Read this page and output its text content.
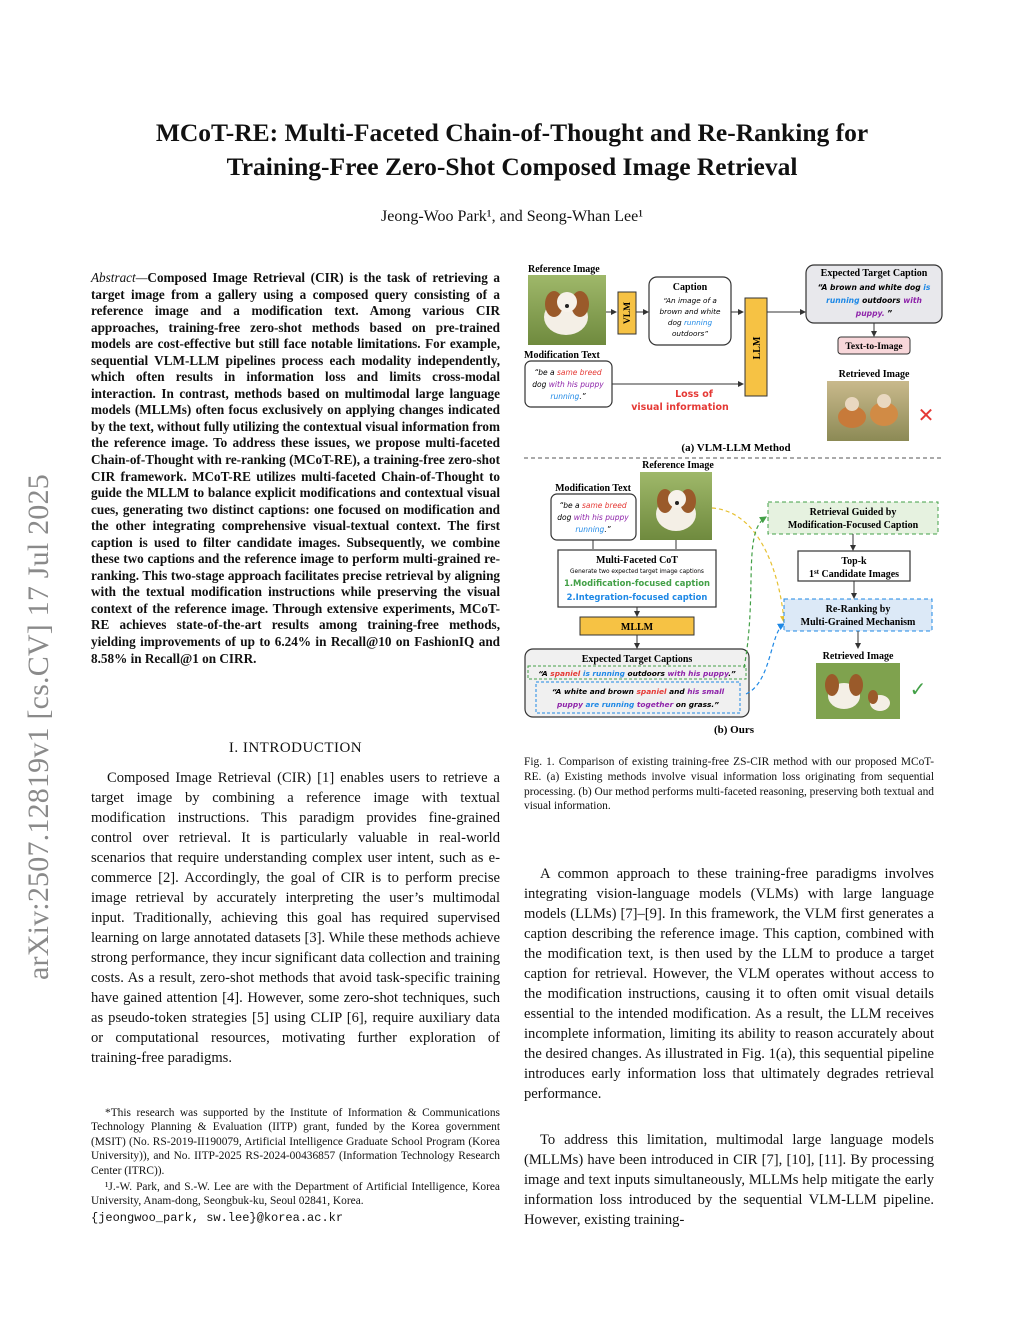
arXiv:2507.12819v1 [cs.CV] 17 Jul 2025
MCoT-RE: Multi-Faceted Chain-of-Thought and Re-Ranking for
Training-Free Zero-Shot Composed Image Retrieval
Jeong-Woo Park¹, and Seong-Whan Lee¹
Abstract—Composed Image Retrieval (CIR) is the task of retrieving a target image from a gallery using a composed query consisting of a reference image and a modification text. Among various CIR approaches, training-free zero-shot methods based on pre-trained models are cost-effective but still face notable limitations. For example, sequential VLM-LLM pipelines process each modality independently, which often results in information loss and limits cross-modal interaction. In contrast, methods based on multimodal large language models (MLLMs) often focus exclusively on applying changes indicated by the text, without fully utilizing the contextual visual information from the reference image. To address these issues, we propose multi-faceted Chain-of-Thought with re-ranking (MCoT-RE), a training-free zero-shot CIR framework. MCoT-RE utilizes multi-faceted Chain-of-Thought to guide the MLLM to balance explicit modifications and contextual visual cues, generating two distinct captions: one focused on modification and the other integrating comprehensive visual-textual context. The first caption is used to filter candidate images. Subsequently, we combine these two captions and the reference image to perform multi-grained re-ranking. This two-stage approach facilitates precise retrieval by aligning with the textual modification instructions while preserving the visual context of the reference image. Through extensive experiments, MCoT-RE achieves state-of-the-art results among training-free methods, yielding improvements of up to 6.24% in Recall@10 on FashionIQ and 8.58% in Recall@1 on CIRR.
I. INTRODUCTION

Composed Image Retrieval (CIR) [1] enables users to retrieve a target image by combining a reference image with textual modification instructions. This paradigm provides fine-grained control over retrieval. It is particularly valuable in real-world scenarios that require understanding complex user intent, such as e-commerce [2]. Accordingly, the goal of CIR is to perform precise image retrieval by accurately interpreting the user’s multimodal input. Traditionally, achieving this goal has required supervised learning on large annotated datasets [3]. While these methods achieve strong performance, they incur significant data collection and training costs. As a result, zero-shot methods that avoid task-specific training have gained attention [4]. However, some zero-shot techniques, such as pseudo-token strategies [5] using CLIP [6], require auxiliary data or computational resources, motivating further exploration of training-free paradigms.

*This research was supported by the Institute of Information & Communications Technology Planning & Evaluation (IITP) grant, funded by the Korea government (MSIT) (No. RS-2019-II190079, Artificial Intelligence Graduate School Program (Korea University)), and No. IITP-2025 RS-2024-00436857 (Information Technology Research Center (ITRC)).

¹J.-W. Park, and S.-W. Lee are with the Department of Artificial Intelligence, Korea University, Anam-dong, Seongbuk-ku, Seoul 02841, Korea.

{jeongwoo_park, sw.lee}@korea.ac.kr
Reference Image
Modification Text
“be a same breed
dog with his puppy
running.”
VLM
Caption
“An image of a
brown and white
dog running
outdoors”
LLM
Loss of
visual information
Expected Target Caption
“A brown and white dog is
running outdoors with
puppy. ”
Text-to-Image
Retrieved Image
✕
(a) VLM-LLM Method
Reference Image
Modification Text
“be a same breed
dog with his puppy
running.”
Multi-Faceted CoT
Generate two expected target image captions
1.Modification-focused caption
2.Integration-focused caption
MLLM
Expected Target Captions
“A spaniel is running outdoors with his puppy.”
“A white and brown spaniel and his small
puppy are running together on grass.”
Retrieval Guided by
Modification-Focused Caption
Top-k
1st Candidate Images
Re-Ranking by
Multi-Grained Mechanism
Retrieved Image
✓
(b) Ours
Fig. 1. Comparison of existing training-free ZS-CIR method with our proposed MCoT-RE. (a) Existing methods involve visual information loss originating from sequential processing. (b) Our method performs multi-faceted reasoning, preserving both textual and visual information.

A common approach to these training-free paradigms involves integrating vision-language models (VLMs) with large language models (LLMs) [7]–[9]. In this framework, the VLM first generates a caption describing the reference image. This caption, combined with the modification text, is then used by the LLM to produce a target caption for retrieval. However, the VLM operates without access to the modification instructions, causing it to often omit visual details essential to the intended modification. As a result, the LLM receives incomplete information, limiting its ability to reason accurately about the desired changes. As illustrated in Fig. 1(a), this sequential pipeline introduces early information loss that ultimately degrades retrieval performance.

To address this limitation, multimodal large language models (MLLMs) have been introduced in CIR [7], [10], [11]. By processing image and text inputs simultaneously, MLLMs help mitigate the early information loss introduced by the sequential VLM-LLM pipeline. However, existing training-
